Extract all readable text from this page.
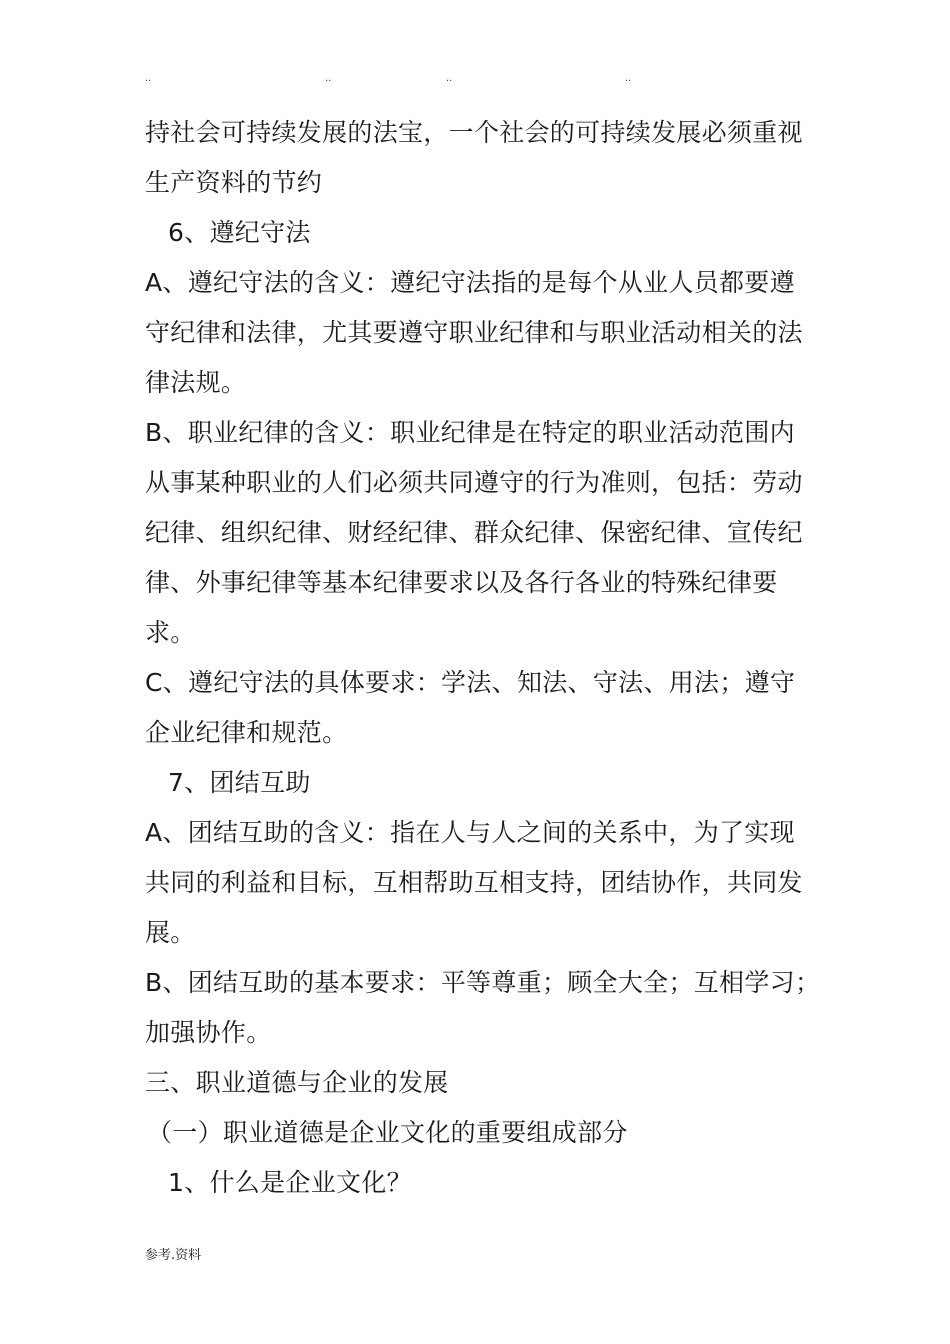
..	..	..	..
持社会可持续发展的法宝，一个社会的可持续发展必须重视
生产资料的节约
6、遵纪守法
A、遵纪守法的含义：遵纪守法指的是每个从业人员都要遵
守纪律和法律，尤其要遵守职业纪律和与职业活动相关的法
律法规。
B、职业纪律的含义：职业纪律是在特定的职业活动范围内
从事某种职业的人们必须共同遵守的行为准则，包括：劳动
纪律、组织纪律、财经纪律、群众纪律、保密纪律、宣传纪
律、外事纪律等基本纪律要求以及各行各业的特殊纪律要
求。
C、遵纪守法的具体要求：学法、知法、守法、用法；遵守
企业纪律和规范。
7、团结互助
A、团结互助的含义：指在人与人之间的关系中，为了实现
共同的利益和目标，互相帮助互相支持，团结协作，共同发
展。
B、团结互助的基本要求：平等尊重；顾全大全；互相学习；
加强协作。
三、职业道德与企业的发展
（一）职业道德是企业文化的重要组成部分
1、什么是企业文化？
参考.资料
